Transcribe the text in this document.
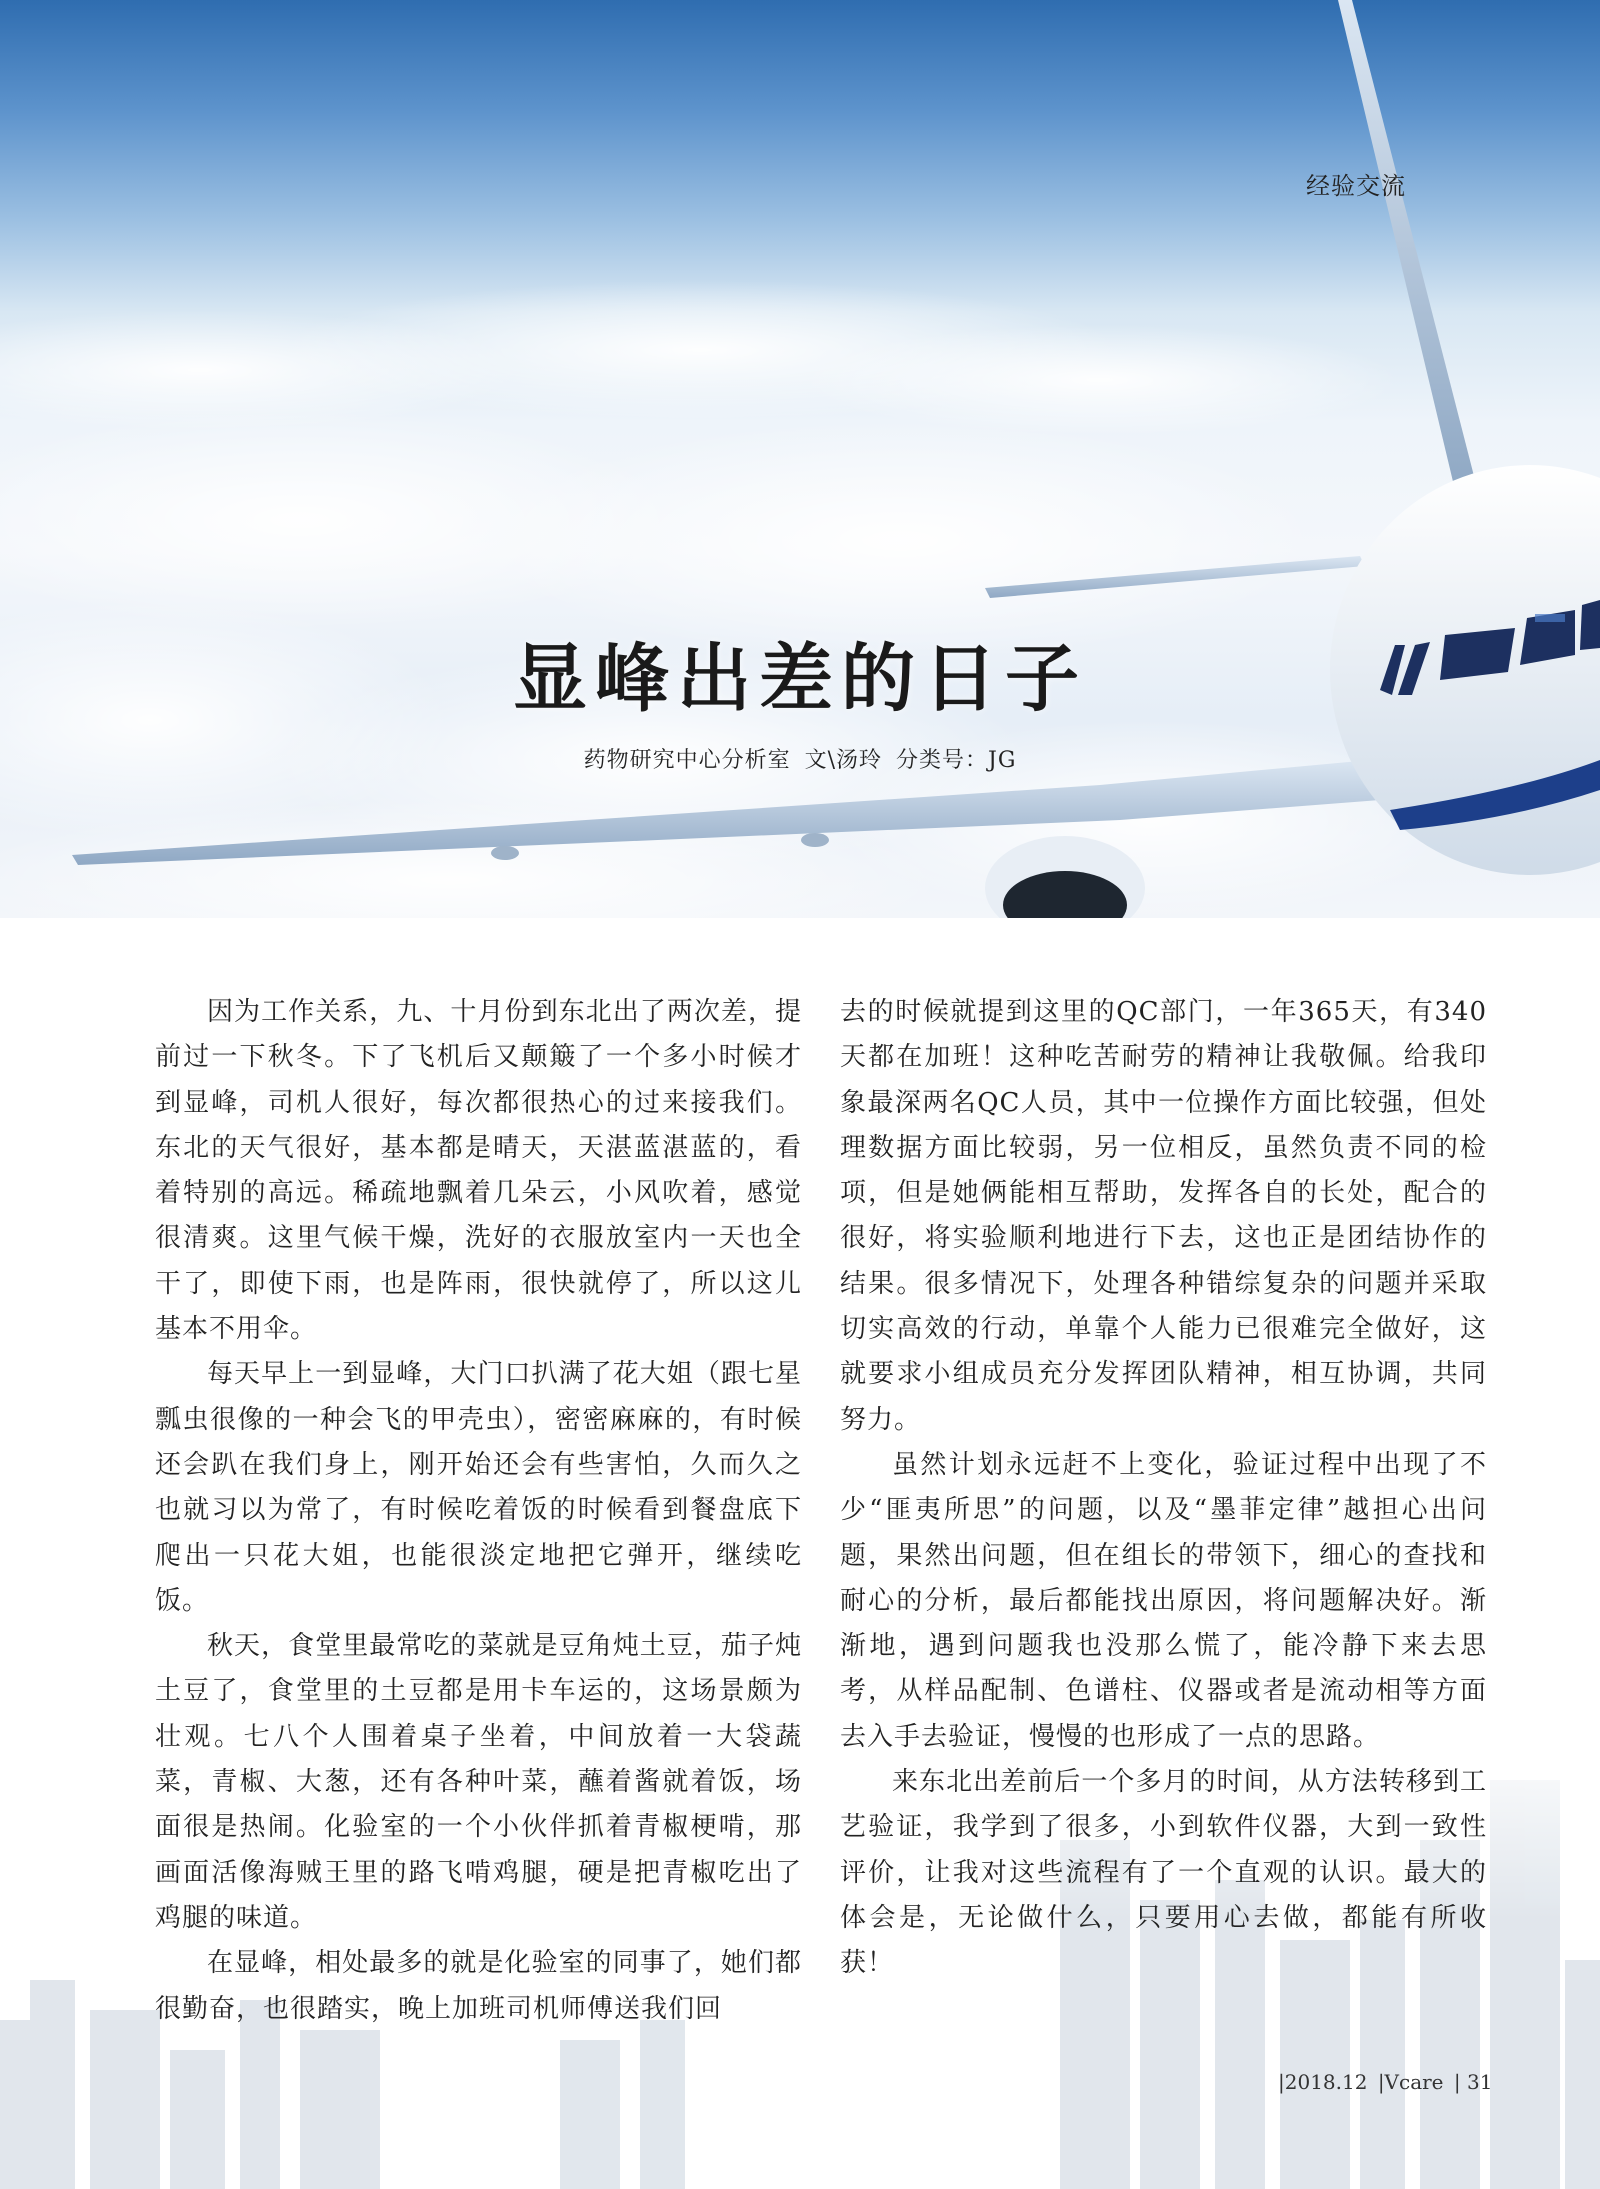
经验交流
显峰出差的日子
药物研究中心分析室 文\汤玲 分类号：JG

因为工作关系，九、十月份到东北出了两次差，提前过一下秋冬。下了飞机后又颠簸了一个多小时候才到显峰，司机人很好，每次都很热心的过来接我们。东北的天气很好，基本都是晴天，天湛蓝湛蓝的，看着特别的高远。稀疏地飘着几朵云，小风吹着，感觉很清爽。这里气候干燥，洗好的衣服放室内一天也全干了，即使下雨，也是阵雨，很快就停了，所以这儿基本不用伞。

每天早上一到显峰，大门口扒满了花大姐（跟七星瓢虫很像的一种会飞的甲壳虫），密密麻麻的，有时候还会趴在我们身上，刚开始还会有些害怕，久而久之也就习以为常了，有时候吃着饭的时候看到餐盘底下爬出一只花大姐，也能很淡定地把它弹开，继续吃饭。

秋天，食堂里最常吃的菜就是豆角炖土豆，茄子炖土豆了，食堂里的土豆都是用卡车运的，这场景颇为壮观。七八个人围着桌子坐着，中间放着一大袋蔬菜，青椒、大葱，还有各种叶菜，蘸着酱就着饭，场面很是热闹。化验室的一个小伙伴抓着青椒梗啃，那画面活像海贼王里的路飞啃鸡腿，硬是把青椒吃出了鸡腿的味道。

在显峰，相处最多的就是化验室的同事了，她们都很勤奋，也很踏实，晚上加班司机师傅送我们回

去的时候就提到这里的QC部门，一年365天，有340天都在加班！这种吃苦耐劳的精神让我敬佩。给我印象最深两名QC人员，其中一位操作方面比较强，但处理数据方面比较弱，另一位相反，虽然负责不同的检项，但是她俩能相互帮助，发挥各自的长处，配合的很好，将实验顺利地进行下去，这也正是团结协作的结果。很多情况下，处理各种错综复杂的问题并采取切实高效的行动，单靠个人能力已很难完全做好，这就要求小组成员充分发挥团队精神，相互协调，共同努力。

虽然计划永远赶不上变化，验证过程中出现了不少“匪夷所思”的问题，以及“墨菲定律”越担心出问题，果然出问题，但在组长的带领下，细心的查找和耐心的分析，最后都能找出原因，将问题解决好。渐渐地，遇到问题我也没那么慌了，能冷静下来去思考，从样品配制、色谱柱、仪器或者是流动相等方面去入手去验证，慢慢的也形成了一点的思路。

来东北出差前后一个多月的时间，从方法转移到工艺验证，我学到了很多，小到软件仪器，大到一致性评价，让我对这些流程有了一个直观的认识。最大的体会是，无论做什么，只要用心去做，都能有所收获！

|2018.12 |Vcare | 31
